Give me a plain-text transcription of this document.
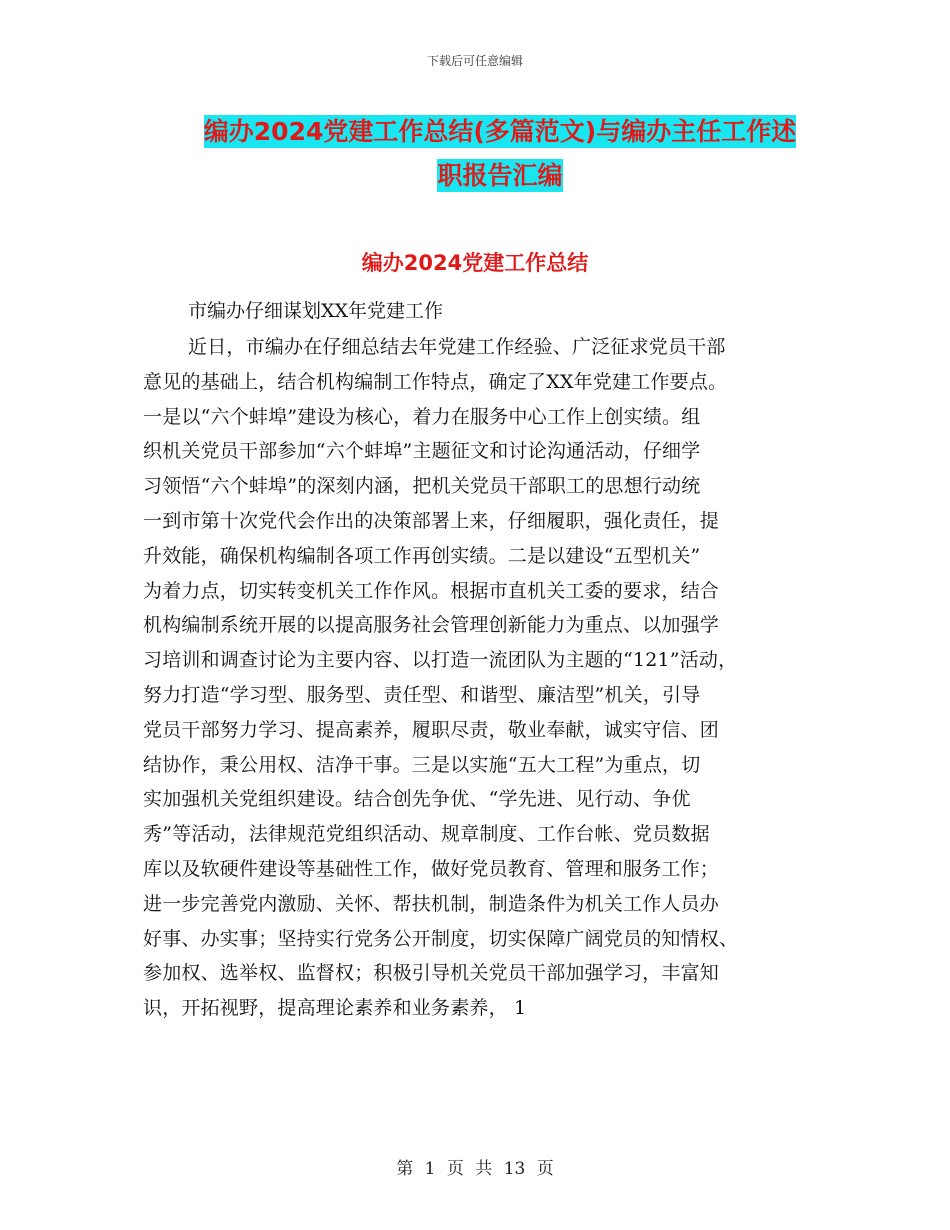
下载后可任意编辑
编办2024党建工作总结(多篇范文)与编办主任工作述
职报告汇编
编办2024党建工作总结
市编办仔细谋划XX年党建工作
近日，市编办在仔细总结去年党建工作经验、广泛征求党员干部
意见的基础上，结合机构编制工作特点，确定了XX年党建工作要点。
一是以“六个蚌埠”建设为核心，着力在服务中心工作上创实绩。组
织机关党员干部参加“六个蚌埠”主题征文和讨论沟通活动，仔细学
习领悟“六个蚌埠”的深刻内涵，把机关党员干部职工的思想行动统
一到市第十次党代会作出的决策部署上来，仔细履职，强化责任，提
升效能，确保机构编制各项工作再创实绩。二是以建设“五型机关”
为着力点，切实转变机关工作作风。根据市直机关工委的要求，结合
机构编制系统开展的以提高服务社会管理创新能力为重点、以加强学
习培训和调查讨论为主要内容、以打造一流团队为主题的“121”活动，
努力打造“学习型、服务型、责任型、和谐型、廉洁型”机关，引导
党员干部努力学习、提高素养，履职尽责，敬业奉献，诚实守信、团
结协作，秉公用权、洁净干事。三是以实施“五大工程”为重点，切
实加强机关党组织建设。结合创先争优、“学先进、见行动、争优
秀”等活动，法律规范党组织活动、规章制度、工作台帐、党员数据
库以及软硬件建设等基础性工作，做好党员教育、管理和服务工作；
进一步完善党内激励、关怀、帮扶机制，制造条件为机关工作人员办
好事、办实事；坚持实行党务公开制度，切实保障广阔党员的知情权、
参加权、选举权、监督权；积极引导机关党员干部加强学习，丰富知
识，开拓视野，提高理论素养和业务素养， 1
第 1 页 共 13 页
